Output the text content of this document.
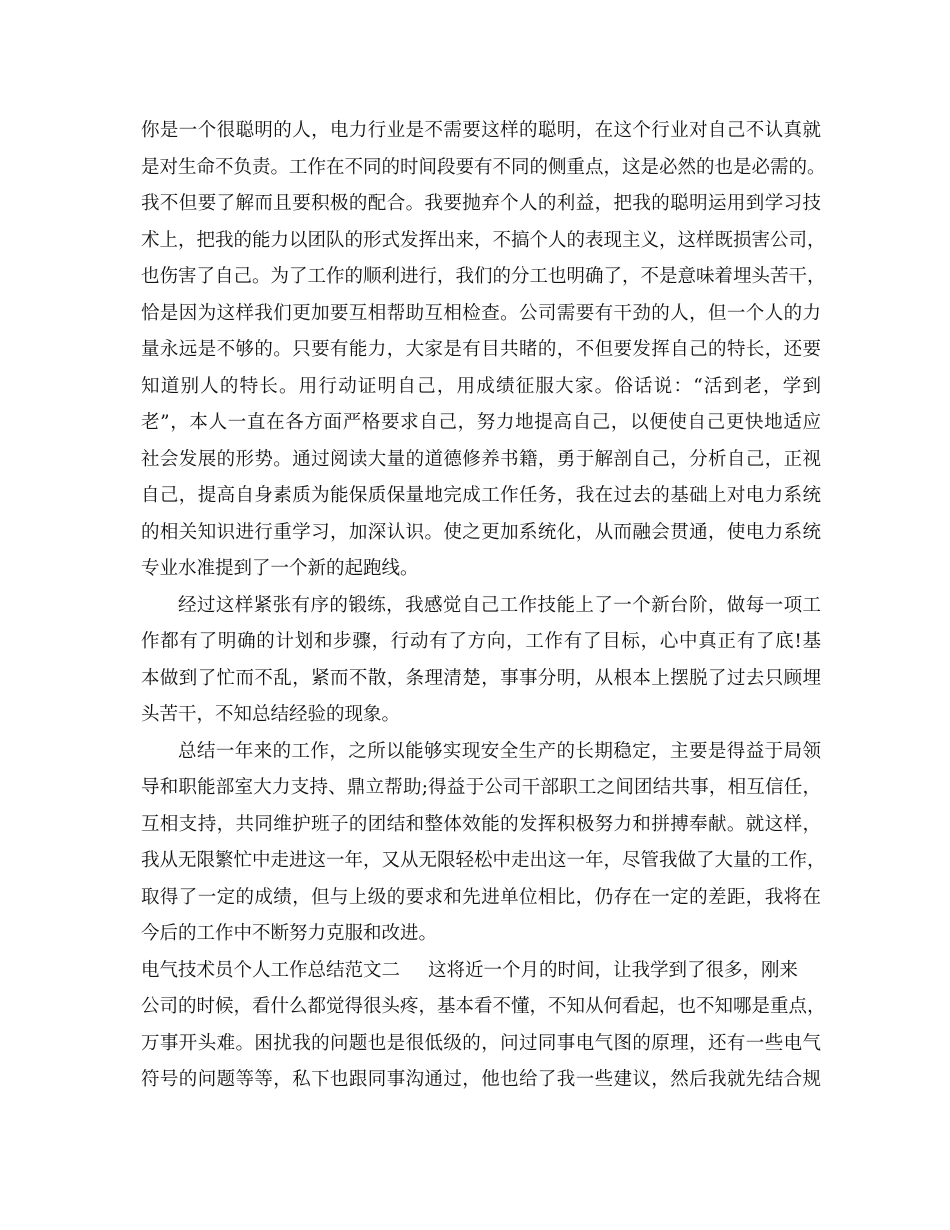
你是一个很聪明的人，电力行业是不需要这样的聪明，在这个行业对自己不认真就
是对生命不负责。工作在不同的时间段要有不同的侧重点，这是必然的也是必需的。
我不但要了解而且要积极的配合。我要抛弃个人的利益，把我的聪明运用到学习技
术上，把我的能力以团队的形式发挥出来，不搞个人的表现主义，这样既损害公司，
也伤害了自己。为了工作的顺利进行，我们的分工也明确了，不是意味着埋头苦干，
恰是因为这样我们更加要互相帮助互相检查。公司需要有干劲的人，但一个人的力
量永远是不够的。只要有能力，大家是有目共睹的，不但要发挥自己的特长，还要
知道别人的特长。用行动证明自己，用成绩征服大家。俗话说：“活到老，学到
老”，本人一直在各方面严格要求自己，努力地提高自己，以便使自己更快地适应
社会发展的形势。通过阅读大量的道德修养书籍，勇于解剖自己，分析自己，正视
自己，提高自身素质为能保质保量地完成工作任务，我在过去的基础上对电力系统
的相关知识进行重学习，加深认识。使之更加系统化，从而融会贯通，使电力系统
专业水准提到了一个新的起跑线。
经过这样紧张有序的锻练，我感觉自己工作技能上了一个新台阶，做每一项工
作都有了明确的计划和步骤，行动有了方向，工作有了目标，心中真正有了底!基
本做到了忙而不乱，紧而不散，条理清楚，事事分明，从根本上摆脱了过去只顾埋
头苦干，不知总结经验的现象。
总结一年来的工作，之所以能够实现安全生产的长期稳定，主要是得益于局领
导和职能部室大力支持、鼎立帮助;得益于公司干部职工之间团结共事，相互信任，
互相支持，共同维护班子的团结和整体效能的发挥积极努力和拼搏奉献。就这样，
我从无限繁忙中走进这一年，又从无限轻松中走出这一年，尽管我做了大量的工作，
取得了一定的成绩，但与上级的要求和先进单位相比，仍存在一定的差距，我将在
今后的工作中不断努力克服和改进。
电气技术员个人工作总结范文二 这将近一个月的时间，让我学到了很多，刚来
公司的时候，看什么都觉得很头疼，基本看不懂，不知从何看起，也不知哪是重点，
万事开头难。困扰我的问题也是很低级的，问过同事电气图的原理，还有一些电气
符号的问题等等，私下也跟同事沟通过，他也给了我一些建议，然后我就先结合规
